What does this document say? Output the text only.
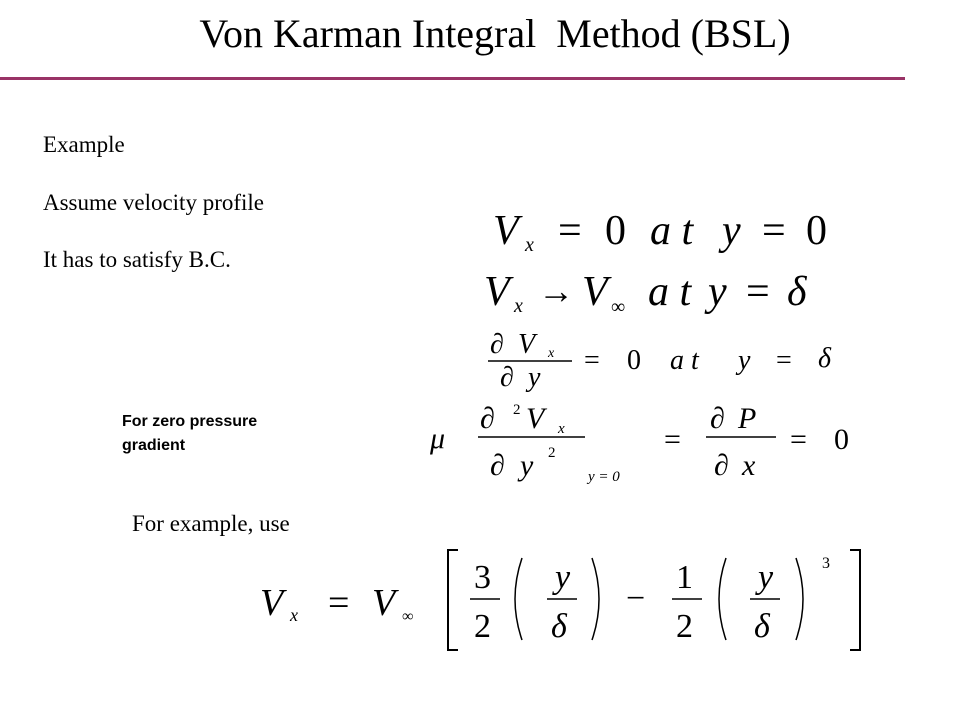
Von Karman Integral  Method (BSL)
Example
Assume velocity profile
It has to satisfy B.C.
For zero pressure
gradient
For example, use
V x = 0 a t y = 0
V x → V ∞ a t y = δ
∂ V x
∂ y
= 0 a t y = δ
μ
∂ 2 V x
∂ y 2
y = 0
=
∂ P
∂ x
= 0
V x = V ∞
3
2
y
δ
−
1
2
y
δ
3
